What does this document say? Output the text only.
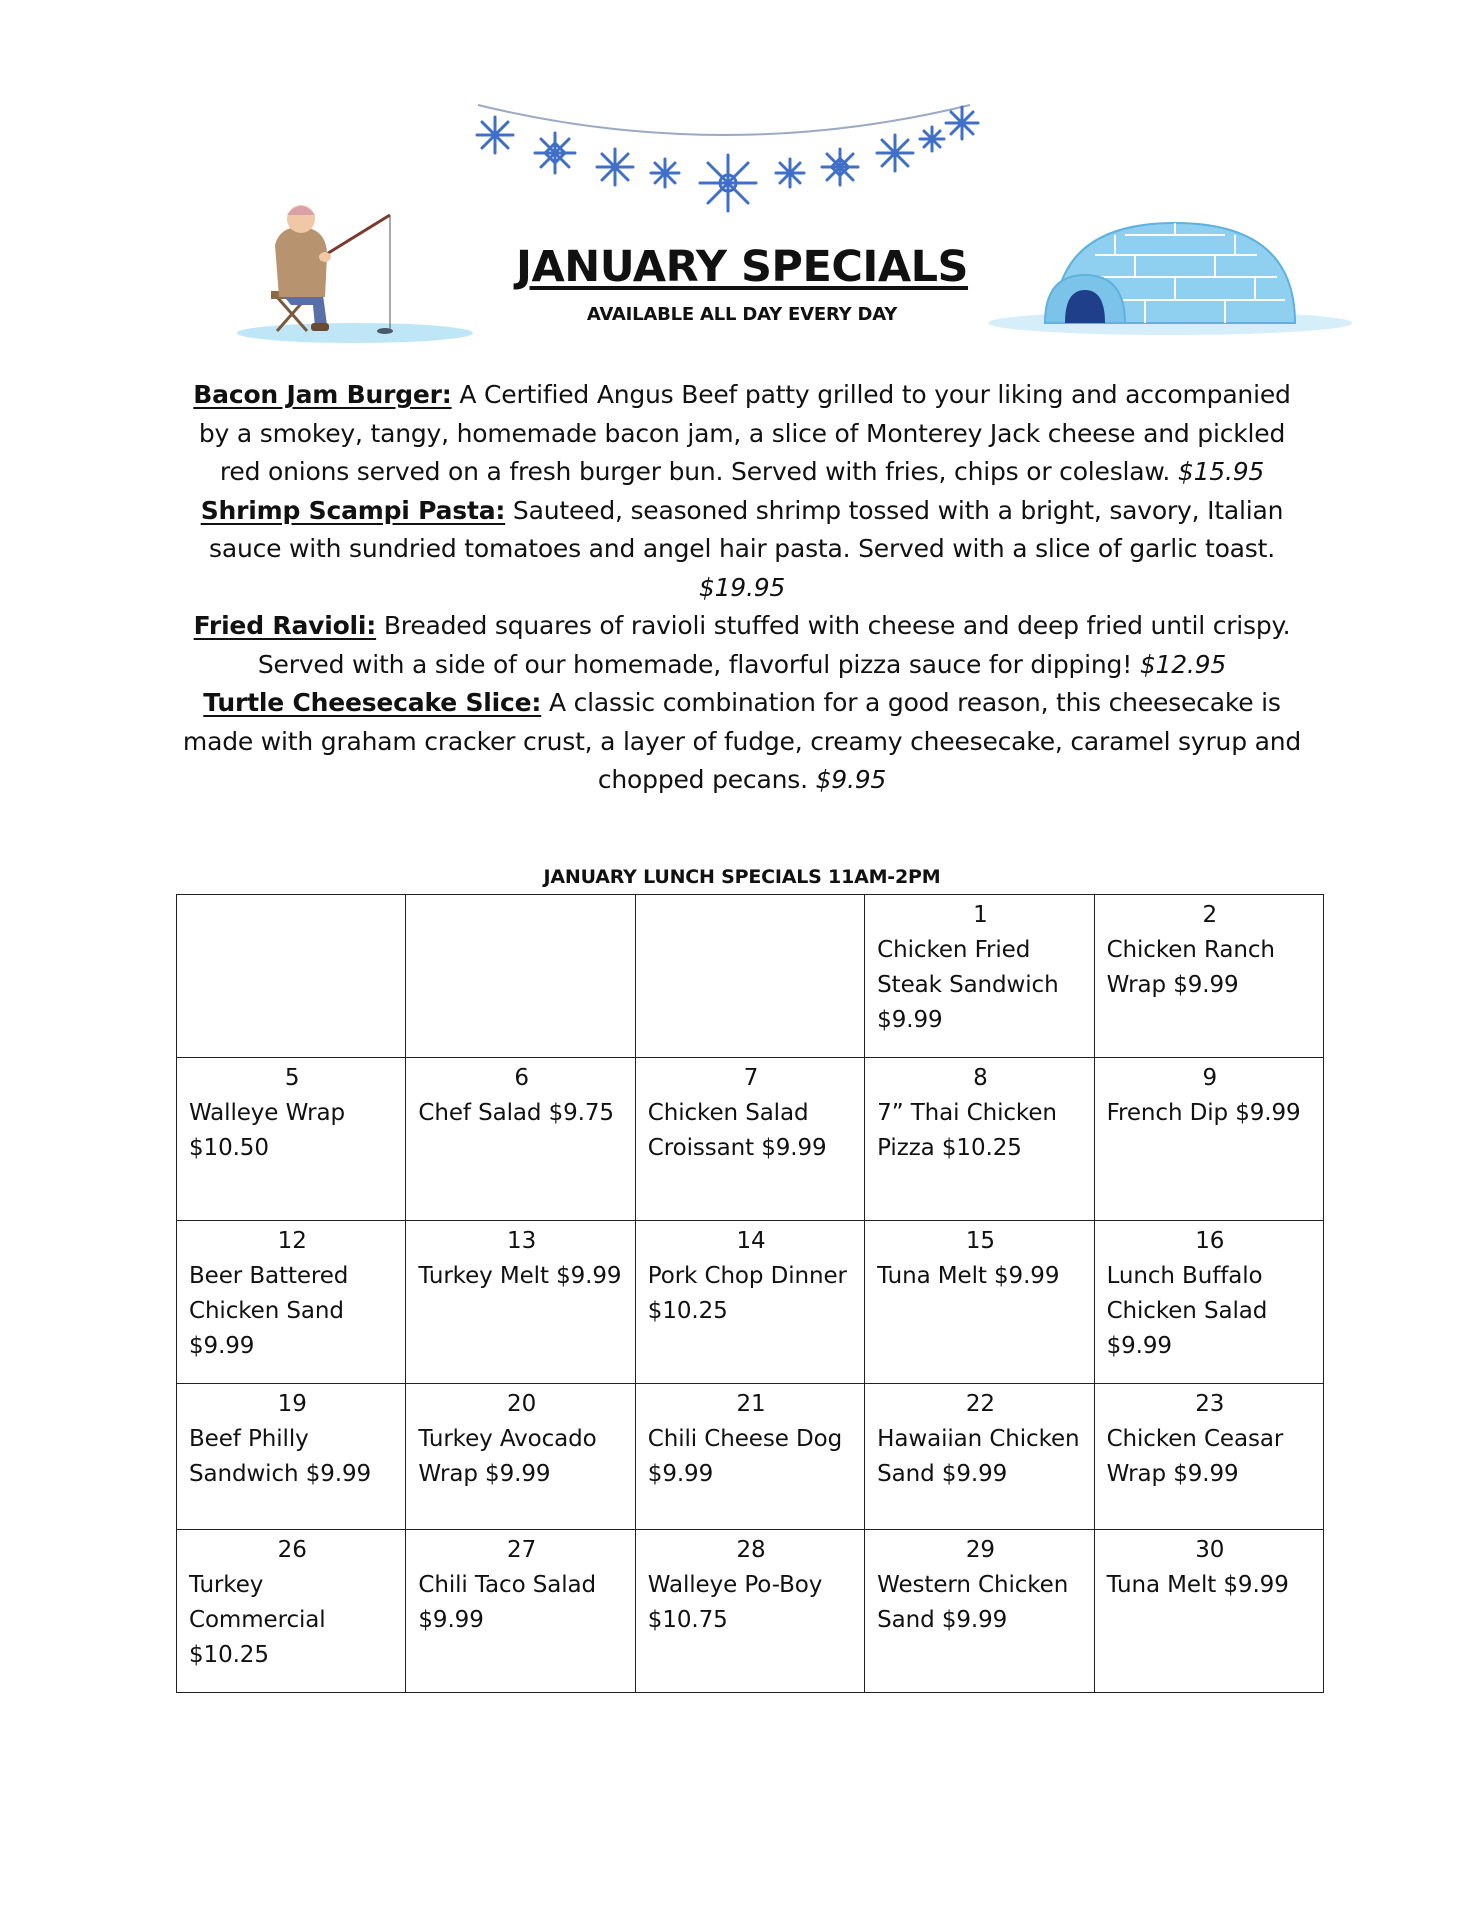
JANUARY SPECIALS
AVAILABLE ALL DAY EVERY DAY

Bacon Jam Burger: A Certified Angus Beef patty grilled to your liking and accompanied by a smokey, tangy, homemade bacon jam, a slice of Monterey Jack cheese and pickled red onions served on a fresh burger bun. Served with fries, chips or coleslaw. $15.95

Shrimp Scampi Pasta: Sauteed, seasoned shrimp tossed with a bright, savory, Italian sauce with sundried tomatoes and angel hair pasta. Served with a slice of garlic toast. $19.95

Fried Ravioli: Breaded squares of ravioli stuffed with cheese and deep fried until crispy. Served with a side of our homemade, flavorful pizza sauce for dipping! $12.95

Turtle Cheesecake Slice: A classic combination for a good reason, this cheesecake is made with graham cracker crust, a layer of fudge, creamy cheesecake, caramel syrup and chopped pecans. $9.95

JANUARY LUNCH SPECIALS 11AM-2PM

			1
Chicken Fried Steak Sandwich $9.99	2
Chicken Ranch Wrap $9.99

5
Walleye Wrap $10.50	6
Chef Salad $9.75	7
Chicken Salad Croissant $9.99	8
7” Thai Chicken Pizza $10.25	9
French Dip $9.99

12
Beer Battered Chicken Sand $9.99	13
Turkey Melt $9.99	14
Pork Chop Dinner $10.25	15
Tuna Melt $9.99	16
Lunch Buffalo Chicken Salad $9.99

19
Beef Philly Sandwich $9.99	20
Turkey Avocado Wrap $9.99	21
Chili Cheese Dog $9.99	22
Hawaiian Chicken Sand $9.99	23
Chicken Ceasar Wrap $9.99

26
Turkey Commercial $10.25	27
Chili Taco Salad $9.99	28
Walleye Po-Boy $10.75	29
Western Chicken Sand $9.99	30
Tuna Melt $9.99
